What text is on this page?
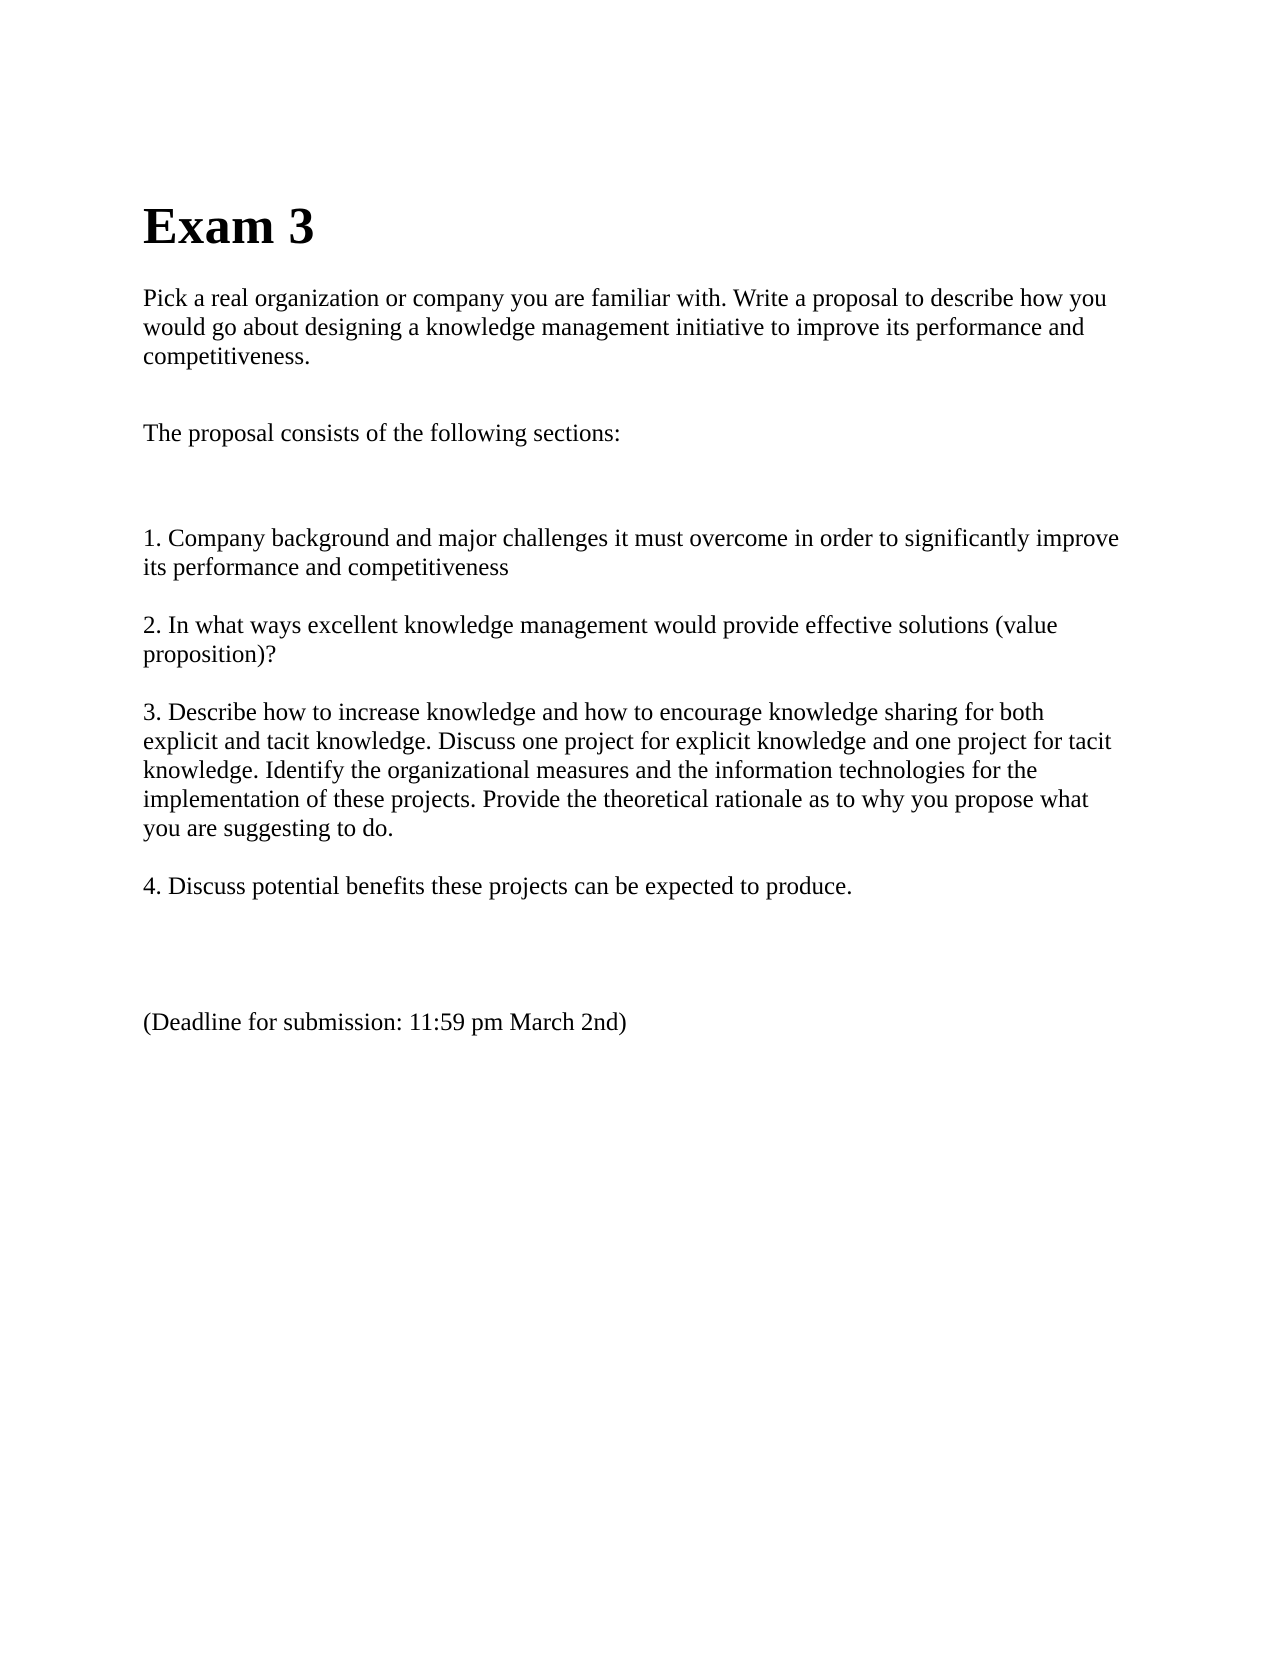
Exam 3

Pick a real organization or company you are familiar with. Write a proposal to describe how you would go about designing a knowledge management initiative to improve its performance and competitiveness.

The proposal consists of the following sections:

1. Company background and major challenges it must overcome in order to significantly improve its performance and competitiveness

2. In what ways excellent knowledge management would provide effective solutions (value proposition)?

3. Describe how to increase knowledge and how to encourage knowledge sharing for both explicit and tacit knowledge. Discuss one project for explicit knowledge and one project for tacit knowledge. Identify the organizational measures and the information technologies for the implementation of these projects. Provide the theoretical rationale as to why you propose what you are suggesting to do.

4. Discuss potential benefits these projects can be expected to produce.

(Deadline for submission: 11:59 pm March 2nd)
